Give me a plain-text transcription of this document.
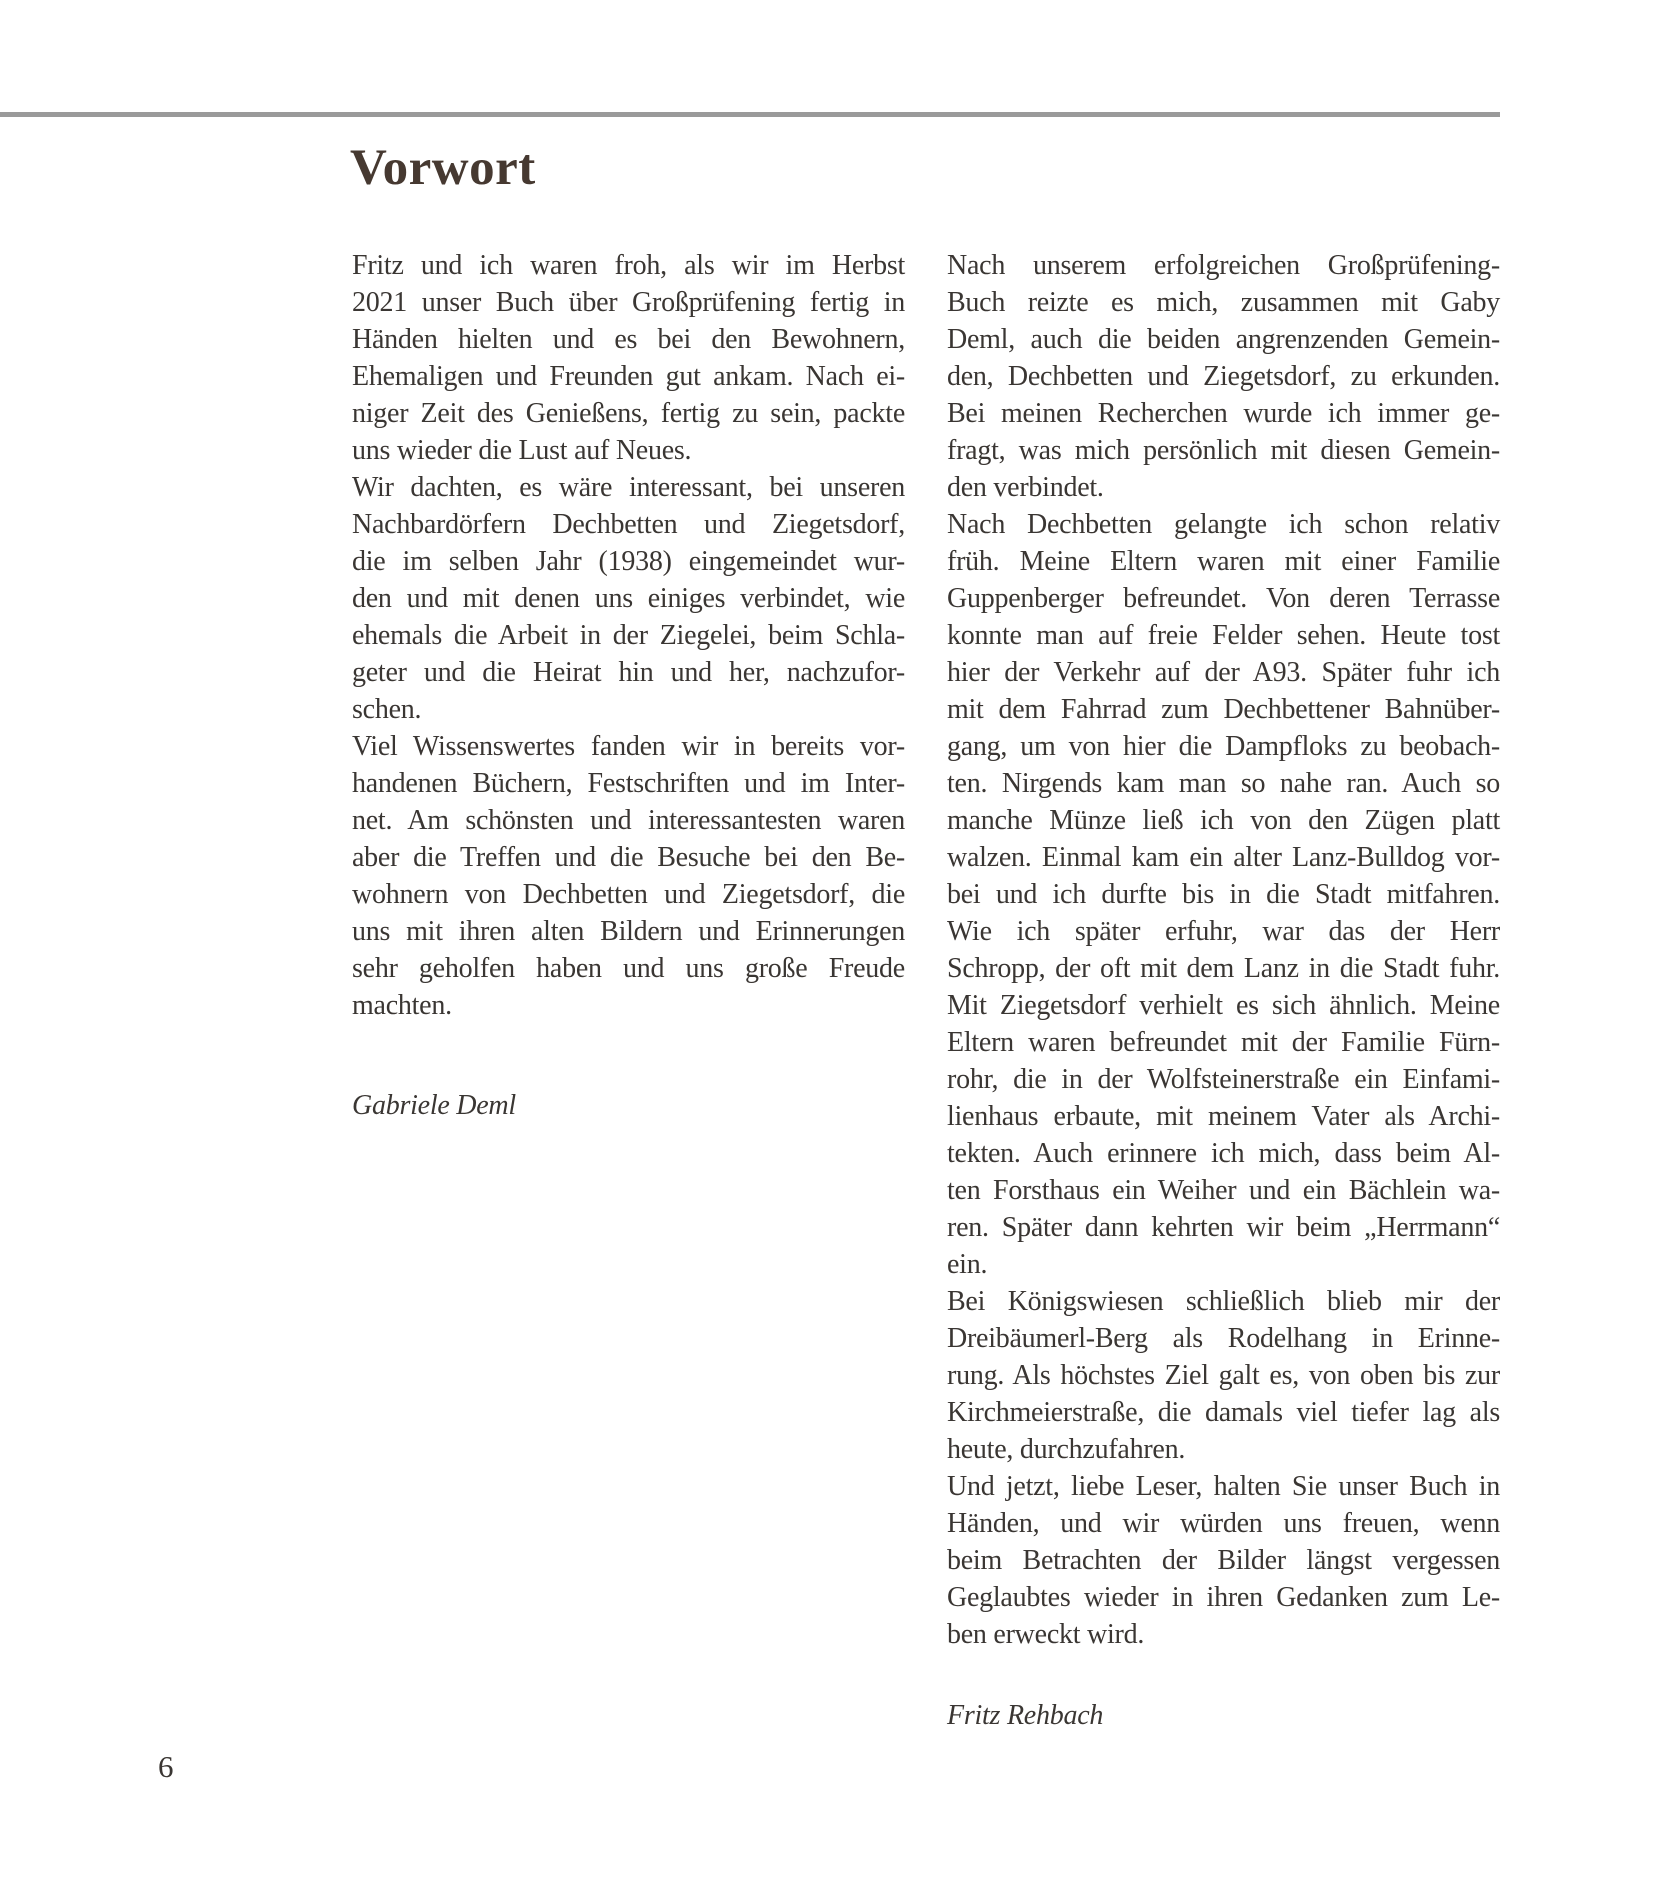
Vorwort
Fritz und ich waren froh, als wir im Herbst
2021 unser Buch über Großprüfening fertig in
Händen hielten und es bei den Bewohnern,
Ehemaligen und Freunden gut ankam. Nach ei-
niger Zeit des Genießens, fertig zu sein, packte
uns wieder die Lust auf Neues.
Wir dachten, es wäre interessant, bei unseren
Nachbardörfern Dechbetten und Ziegetsdorf,
die im selben Jahr (1938) eingemeindet wur-
den und mit denen uns einiges verbindet, wie
ehemals die Arbeit in der Ziegelei, beim Schla-
geter und die Heirat hin und her, nachzufor-
schen.
Viel Wissenswertes fanden wir in bereits vor-
handenen Büchern, Festschriften und im Inter-
net. Am schönsten und interessantesten waren
aber die Treffen und die Besuche bei den Be-
wohnern von Dechbetten und Ziegetsdorf, die
uns mit ihren alten Bildern und Erinnerungen
sehr geholfen haben und uns große Freude
machten.
Gabriele Deml
Nach unserem erfolgreichen Großprüfening-
Buch reizte es mich, zusammen mit Gaby
Deml, auch die beiden angrenzenden Gemein-
den, Dechbetten und Ziegetsdorf, zu erkunden.
Bei meinen Recherchen wurde ich immer ge-
fragt, was mich persönlich mit diesen Gemein-
den verbindet.
Nach Dechbetten gelangte ich schon relativ
früh. Meine Eltern waren mit einer Familie
Guppenberger befreundet. Von deren Terrasse
konnte man auf freie Felder sehen. Heute tost
hier der Verkehr auf der A93. Später fuhr ich
mit dem Fahrrad zum Dechbettener Bahnüber-
gang, um von hier die Dampfloks zu beobach-
ten. Nirgends kam man so nahe ran. Auch so
manche Münze ließ ich von den Zügen platt
walzen. Einmal kam ein alter Lanz-Bulldog vor-
bei und ich durfte bis in die Stadt mitfahren.
Wie ich später erfuhr, war das der Herr
Schropp, der oft mit dem Lanz in die Stadt fuhr.
Mit Ziegetsdorf verhielt es sich ähnlich. Meine
Eltern waren befreundet mit der Familie Fürn-
rohr, die in der Wolfsteinerstraße ein Einfami-
lienhaus erbaute, mit meinem Vater als Archi-
tekten. Auch erinnere ich mich, dass beim Al-
ten Forsthaus ein Weiher und ein Bächlein wa-
ren. Später dann kehrten wir beim „Herrmann“
ein.
Bei Königswiesen schließlich blieb mir der
Dreibäumerl-Berg als Rodelhang in Erinne-
rung. Als höchstes Ziel galt es, von oben bis zur
Kirchmeierstraße, die damals viel tiefer lag als
heute, durchzufahren.
Und jetzt, liebe Leser, halten Sie unser Buch in
Händen, und wir würden uns freuen, wenn
beim Betrachten der Bilder längst vergessen
Geglaubtes wieder in ihren Gedanken zum Le-
ben erweckt wird.
Fritz Rehbach
6
